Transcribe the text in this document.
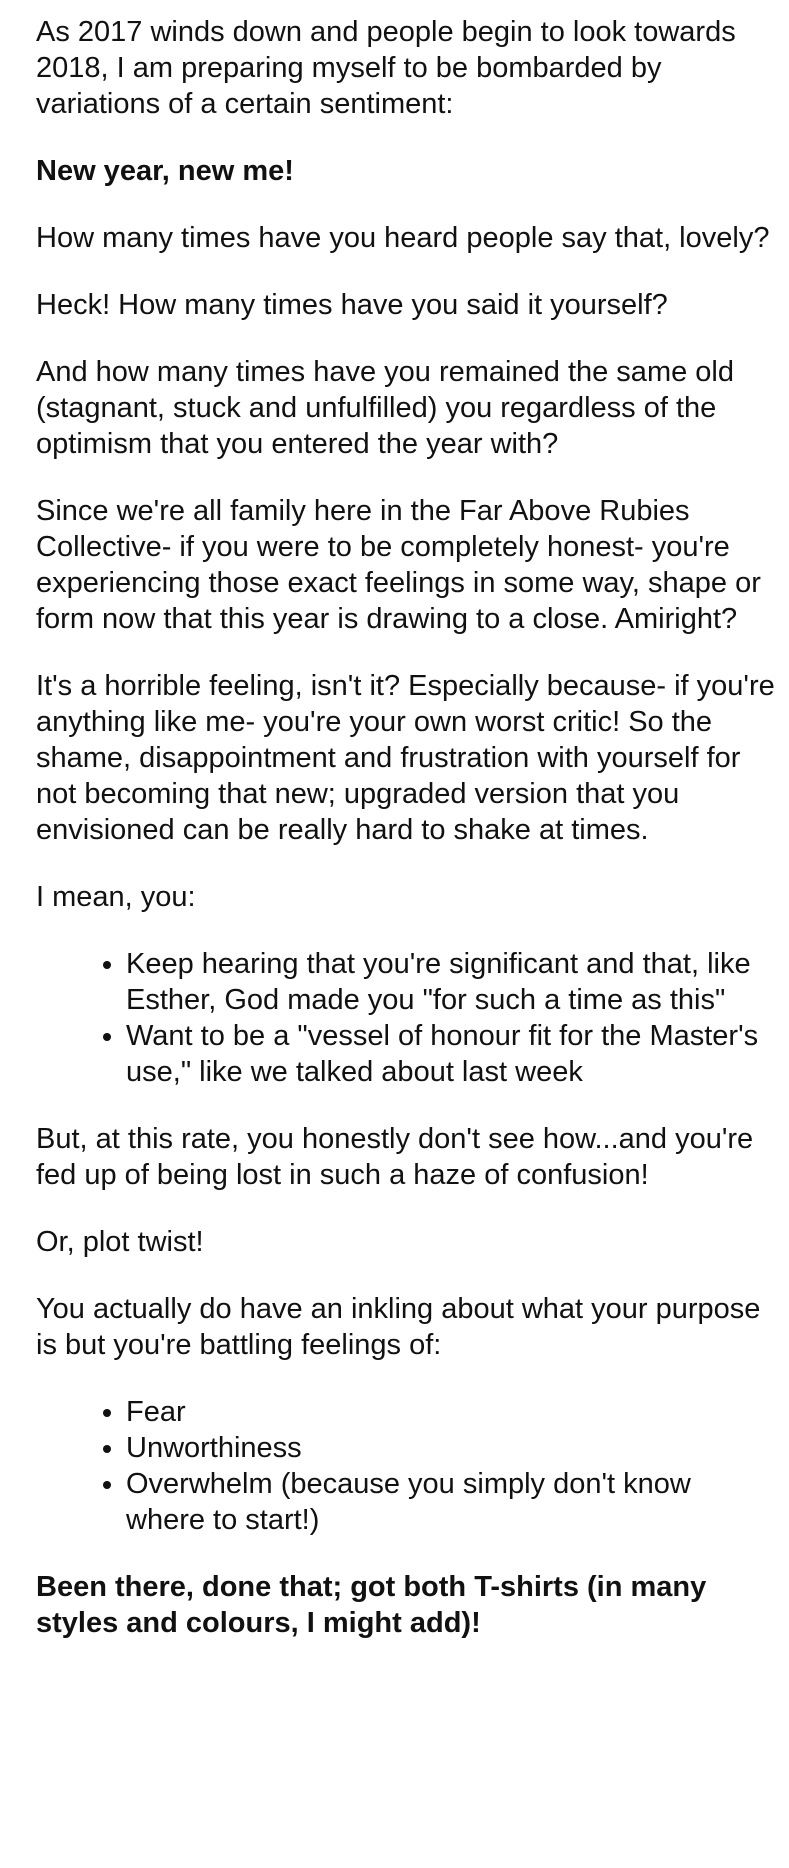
As 2017 winds down and people begin to look towards 2018, I am preparing myself to be bombarded by variations of a certain sentiment:

New year, new me!

How many times have you heard people say that, lovely?

Heck! How many times have you said it yourself?

And how many times have you remained the same old (stagnant, stuck and unfulfilled) you regardless of the optimism that you entered the year with?

Since we're all family here in the Far Above Rubies Collective- if you were to be completely honest- you're experiencing those exact feelings in some way, shape or form now that this year is drawing to a close. Amiright?

It's a horrible feeling, isn't it? Especially because- if you're anything like me- you're your own worst critic! So the shame, disappointment and frustration with yourself for not becoming that new; upgraded version that you envisioned can be really hard to shake at times.

I mean, you:

• Keep hearing that you're significant and that, like Esther, God made you "for such a time as this"
• Want to be a "vessel of honour fit for the Master's use," like we talked about last week

But, at this rate, you honestly don't see how...and you're fed up of being lost in such a haze of confusion!

Or, plot twist!

You actually do have an inkling about what your purpose is but you're battling feelings of:

• Fear
• Unworthiness
• Overwhelm (because you simply don't know where to start!)

Been there, done that; got both T-shirts (in many styles and colours, I might add)!
